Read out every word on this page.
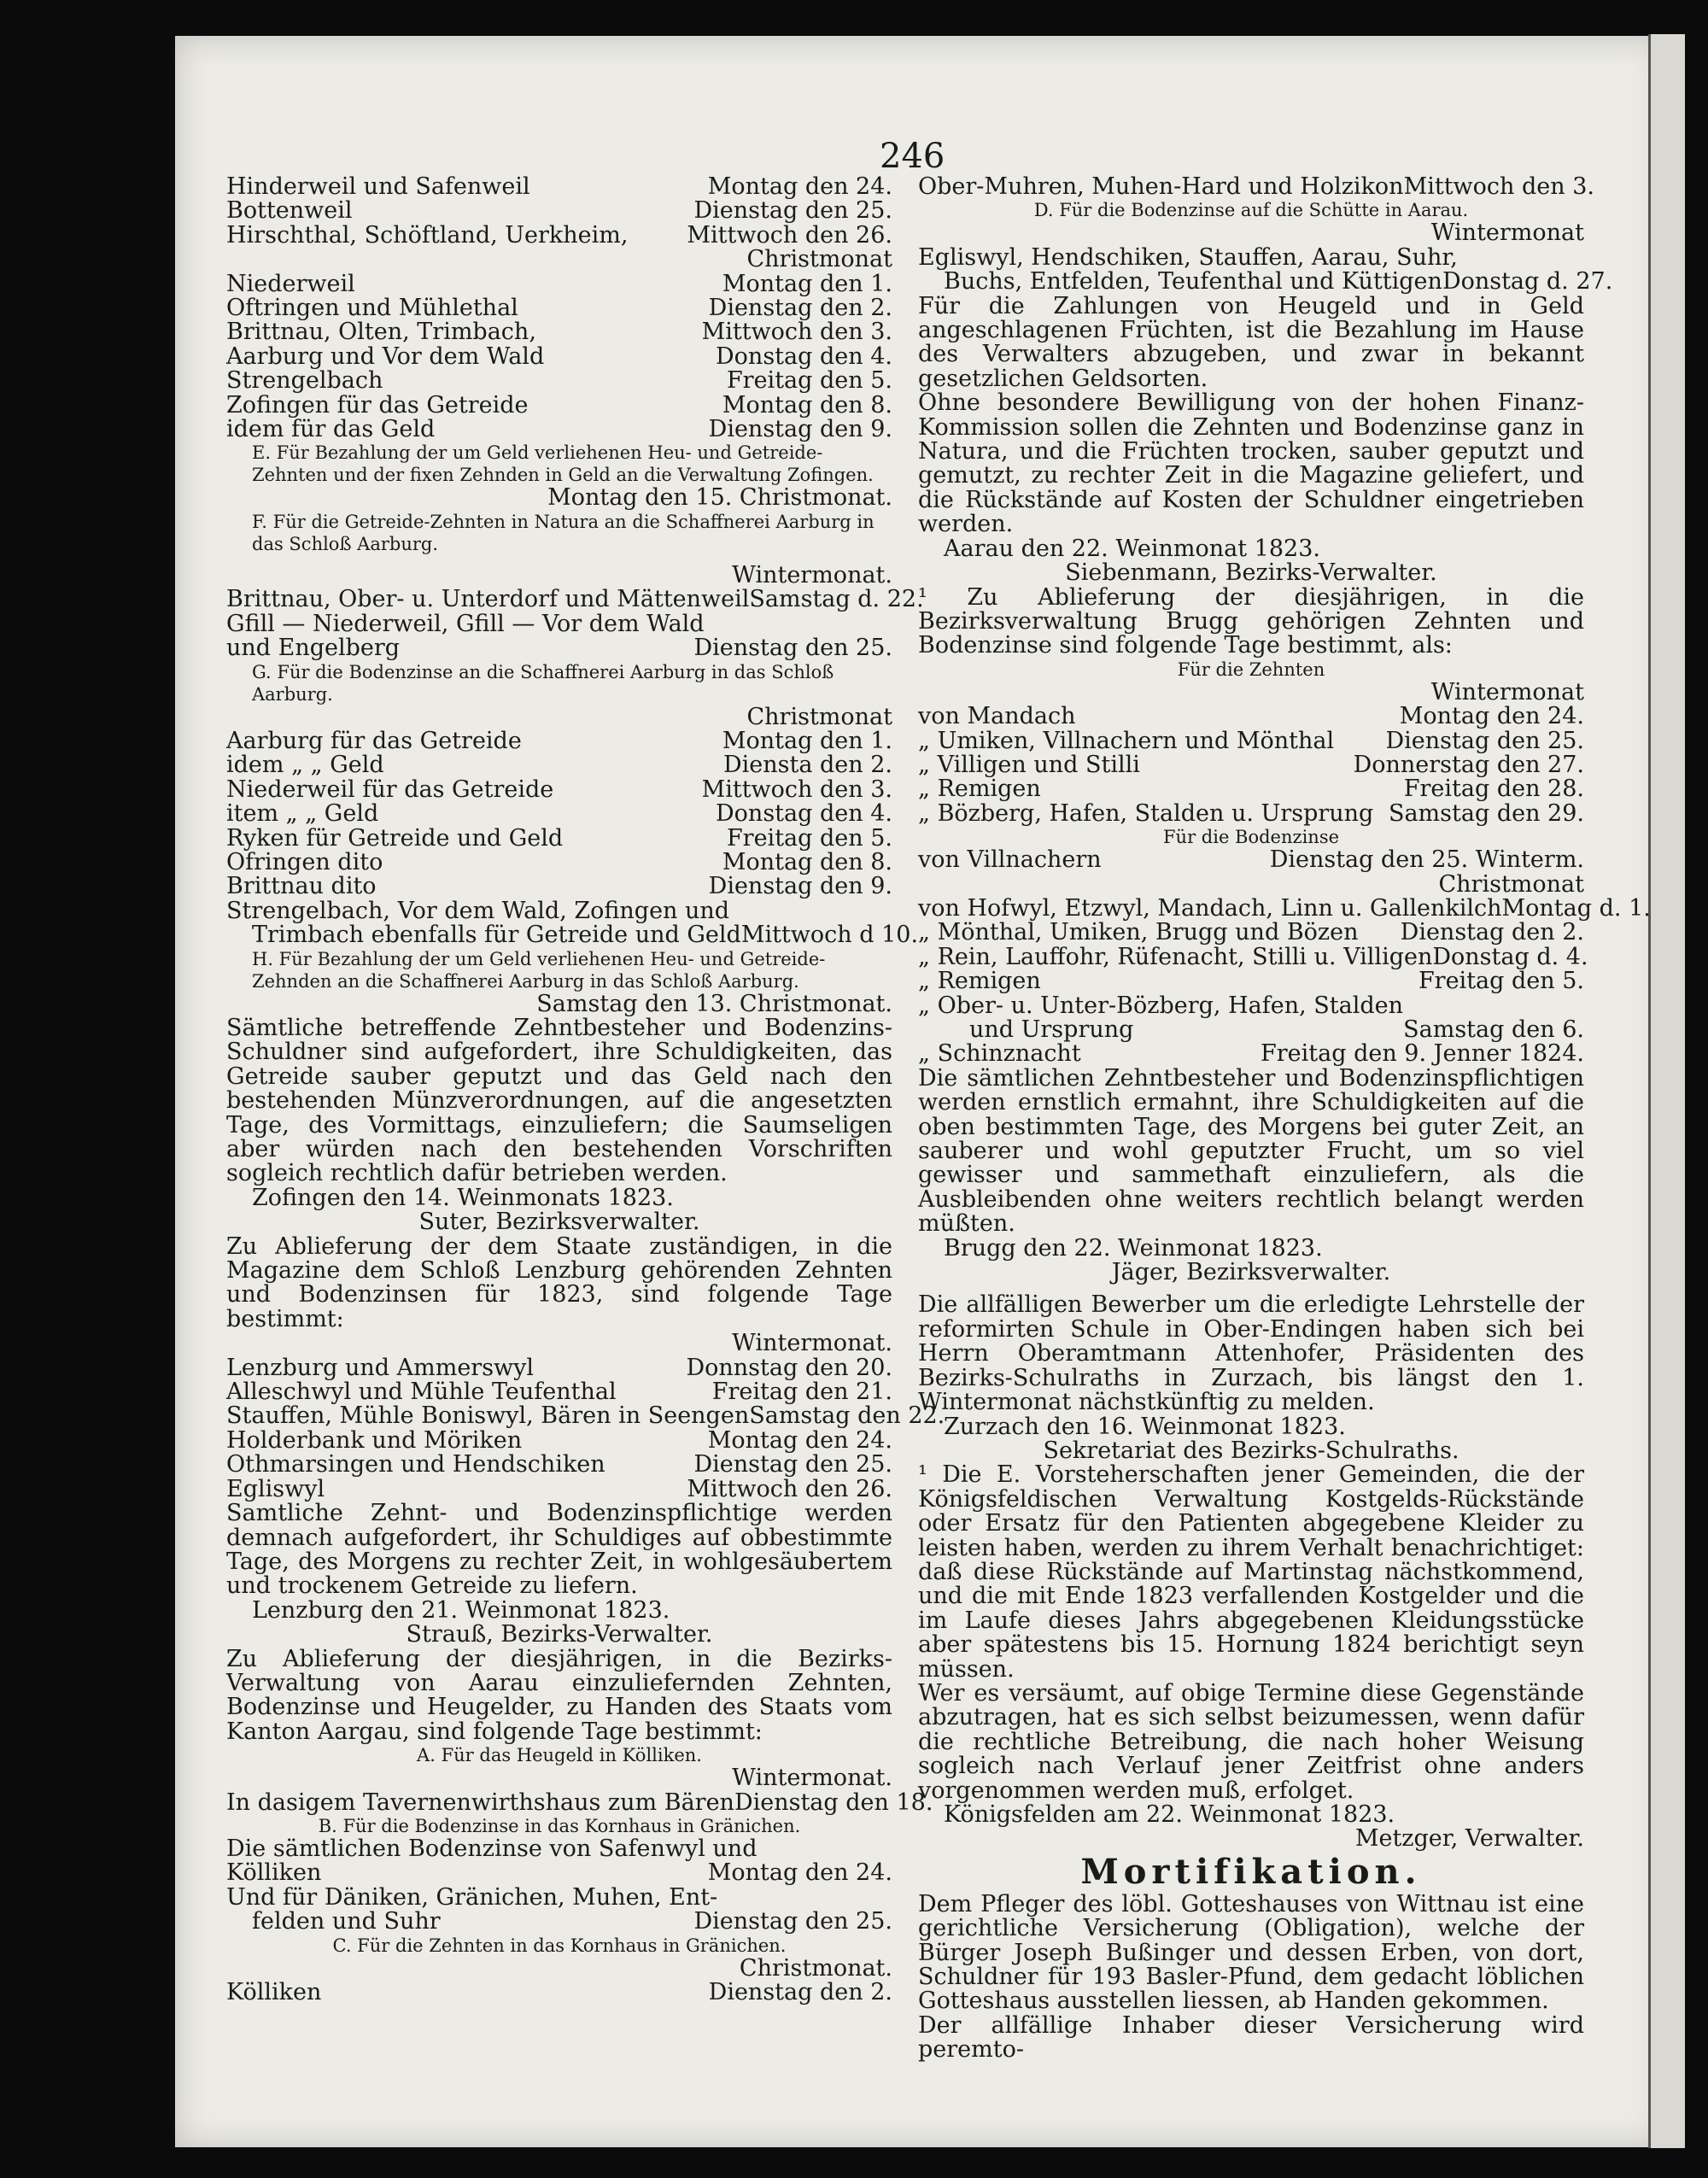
246
Hinderweil und Safenweil	Montag den 24.
Bottenweil	Dienstag den 25.
Hirschthal, Schöftland, Uerkheim,	Mittwoch den 26.
Christmonat
Niederweil	Montag den 1.
Oftringen und Mühlethal	Dienstag den 2.
Brittnau, Olten, Trimbach,	Mittwoch den 3.
Aarburg und Vor dem Wald	Donstag den 4.
Strengelbach	Freitag den 5.
Zofingen für das Getreide	Montag den 8.
idem für das Geld	Dienstag den 9.
E. Für Bezahlung der um Geld verliehenen Heu- und Getreide-Zehnten und der fixen Zehnden in Geld an die Verwaltung Zofingen.
Montag den 15. Christmonat.
F. Für die Getreide-Zehnten in Natura an die Schaffnerei Aarburg in das Schloß Aarburg.
Wintermonat.
Brittnau, Ober- u. Unterdorf und Mättenweil Samstag d. 22.
Gfill — Niederweil, Gfill — Vor dem Wald
und Engelberg	Dienstag den 25.
G. Für die Bodenzinse an die Schaffnerei Aarburg in das Schloß Aarburg.
Christmonat
Aarburg für das Getreide	Montag den 1.
idem „ „ Geld	Diensta den 2.
Niederweil für das Getreide	Mittwoch den 3.
item „ „ Geld	Donstag den 4.
Ryken für Getreide und Geld	Freitag den 5.
Ofringen dito	Montag den 8.
Brittnau dito	Dienstag den 9.
Strengelbach, Vor dem Wald, Zofingen und
Trimbach ebenfalls für Getreide und Geld Mittwoch d 10.
H. Für Bezahlung der um Geld verliehenen Heu- und Getreide-Zehnden an die Schaffnerei Aarburg in das Schloß Aarburg.
Samstag den 13. Christmonat.
Sämtliche betreffende Zehntbesteher und Bodenzins-Schuldner sind aufgefordert, ihre Schuldigkeiten, das Getreide sauber geputzt und das Geld nach den bestehenden Münzverordnungen, auf die angesetzten Tage, des Vormittags, einzuliefern; die Saumseligen aber würden nach den bestehenden Vorschriften sogleich rechtlich dafür betrieben werden.
Zofingen den 14. Weinmonats 1823.
Suter, Bezirksverwalter.
Zu Ablieferung der dem Staate zuständigen, in die Magazine dem Schloß Lenzburg gehörenden Zehnten und Bodenzinsen für 1823, sind folgende Tage bestimmt:
Wintermonat.
Lenzburg und Ammerswyl	Donnstag den 20.
Alleschwyl und Mühle Teufenthal	Freitag den 21.
Stauffen, Mühle Boniswyl, Bären in Seengen Samstag den 22.
Holderbank und Möriken	Montag den 24.
Othmarsingen und Hendschiken	Dienstag den 25.
Egliswyl	Mittwoch den 26.
Samtliche Zehnt- und Bodenzinspflichtige werden demnach aufgefordert, ihr Schuldiges auf obbestimmte Tage, des Morgens zu rechter Zeit, in wohlgesäubertem und trockenem Getreide zu liefern.
Lenzburg den 21. Weinmonat 1823.
Strauß, Bezirks-Verwalter.
Zu Ablieferung der diesjährigen, in die Bezirks-Verwaltung von Aarau einzuliefernden Zehnten, Bodenzinse und Heugelder, zu Handen des Staats vom Kanton Aargau, sind folgende Tage bestimmt:
A. Für das Heugeld in Kölliken.
Wintermonat.
In dasigem Tavernenwirthshaus zum Bären Dienstag den 18.
B. Für die Bodenzinse in das Kornhaus in Gränichen.
Die sämtlichen Bodenzinse von Safenwyl und
Kölliken	Montag den 24.
Und für Däniken, Gränichen, Muhen, Ent-
felden und Suhr	Dienstag den 25.
C. Für die Zehnten in das Kornhaus in Gränichen.
Christmonat.
Kölliken	Dienstag den 2.
Ober-Muhren, Muhen-Hard und Holzikon Mittwoch den 3.
D. Für die Bodenzinse auf die Schütte in Aarau.
Wintermonat
Egliswyl, Hendschiken, Stauffen, Aarau, Suhr,
Buchs, Entfelden, Teufenthal und Küttigen Donstag d. 27.
Für die Zahlungen von Heugeld und in Geld angeschlagenen Früchten, ist die Bezahlung im Hause des Verwalters abzugeben, und zwar in bekannt gesetzlichen Geldsorten.
Ohne besondere Bewilligung von der hohen Finanz-Kommission sollen die Zehnten und Bodenzinse ganz in Natura, und die Früchten trocken, sauber geputzt und gemutzt, zu rechter Zeit in die Magazine geliefert, und die Rückstände auf Kosten der Schuldner eingetrieben werden.
Aarau den 22. Weinmonat 1823.
Siebenmann, Bezirks-Verwalter.
¹ Zu Ablieferung der diesjährigen, in die Bezirksverwaltung Brugg gehörigen Zehnten und Bodenzinse sind folgende Tage bestimmt, als:
Für die Zehnten
Wintermonat
von Mandach	Montag den 24.
„ Umiken, Villnachern und Mönthal Dienstag den 25.
„ Villigen und Stilli	Donnerstag den 27.
„ Remigen	Freitag den 28.
„ Bözberg, Hafen, Stalden u. Ursprung Samstag den 29.
Für die Bodenzinse
von Villnachern	Dienstag den 25. Winterm.
Christmonat
von Hofwyl, Etzwyl, Mandach, Linn u. Gallenkilch Montag d. 1.
„ Mönthal, Umiken, Brugg und Bözen Dienstag den 2.
„ Rein, Lauffohr, Rüfenacht, Stilli u. Villigen Donstag d. 4.
„ Remigen	Freitag den 5.
„ Ober- u. Unter-Bözberg, Hafen, Stalden
und Ursprung	Samstag den 6.
„ Schinznacht	Freitag den 9. Jenner 1824.
Die sämtlichen Zehntbesteher und Bodenzinspflichtigen werden ernstlich ermahnt, ihre Schuldigkeiten auf die oben bestimmten Tage, des Morgens bei guter Zeit, an sauberer und wohl geputzter Frucht, um so viel gewisser und sammethaft einzuliefern, als die Ausbleibenden ohne weiters rechtlich belangt werden müßten.
Brugg den 22. Weinmonat 1823.
Jäger, Bezirksverwalter.
Die allfälligen Bewerber um die erledigte Lehrstelle der reformirten Schule in Ober-Endingen haben sich bei Herrn Oberamtmann Attenhofer, Präsidenten des Bezirks-Schulraths in Zurzach, bis längst den 1. Wintermonat nächstkünftig zu melden.
Zurzach den 16. Weinmonat 1823.
Sekretariat des Bezirks-Schulraths.
¹ Die E. Vorsteherschaften jener Gemeinden, die der Königsfeldischen Verwaltung Kostgelds-Rückstände oder Ersatz für den Patienten abgegebene Kleider zu leisten haben, werden zu ihrem Verhalt benachrichtiget: daß diese Rückstände auf Martinstag nächstkommend, und die mit Ende 1823 verfallenden Kostgelder und die im Laufe dieses Jahrs abgegebenen Kleidungsstücke aber spätestens bis 15. Hornung 1824 berichtigt seyn müssen.
Wer es versäumt, auf obige Termine diese Gegenstände abzutragen, hat es sich selbst beizumessen, wenn dafür die rechtliche Betreibung, die nach hoher Weisung sogleich nach Verlauf jener Zeitfrist ohne anders vorgenommen werden muß, erfolget.
Königsfelden am 22. Weinmonat 1823.
Metzger, Verwalter.
Mortifikation.
Dem Pfleger des löbl. Gotteshauses von Wittnau ist eine gerichtliche Versicherung (Obligation), welche der Bürger Joseph Bußinger und dessen Erben, von dort, Schuldner für 193 Basler-Pfund, dem gedacht löblichen Gotteshaus ausstellen liessen, ab Handen gekommen.
Der allfällige Inhaber dieser Versicherung wird peremto-
